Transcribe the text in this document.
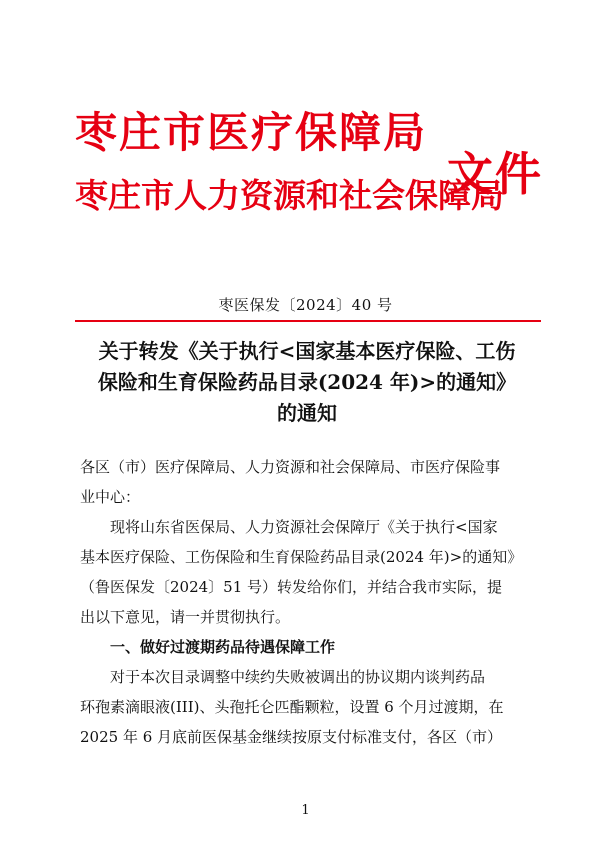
枣庄市医疗保障局
枣庄市人力资源和社会保障局
文件
枣医保发〔2024〕40 号
关于转发《关于执行<国家基本医疗保险、工伤
保险和生育保险药品目录(2024 年)>的通知》
的通知

各区（市）医疗保障局、人力资源和社会保障局、市医疗保险事
业中心：

现将山东省医保局、人力资源社会保障厅《关于执行<国家
基本医疗保险、工伤保险和生育保险药品目录(2024 年)>的通知》
（鲁医保发〔2024〕51 号）转发给你们，并结合我市实际，提
出以下意见，请一并贯彻执行。

一、做好过渡期药品待遇保障工作

对于本次目录调整中续约失败被调出的协议期内谈判药品
环孢素滴眼液(III)、头孢托仑匹酯颗粒，设置 6 个月过渡期，在
2025 年 6 月底前医保基金继续按原支付标准支付，各区（市）

1
